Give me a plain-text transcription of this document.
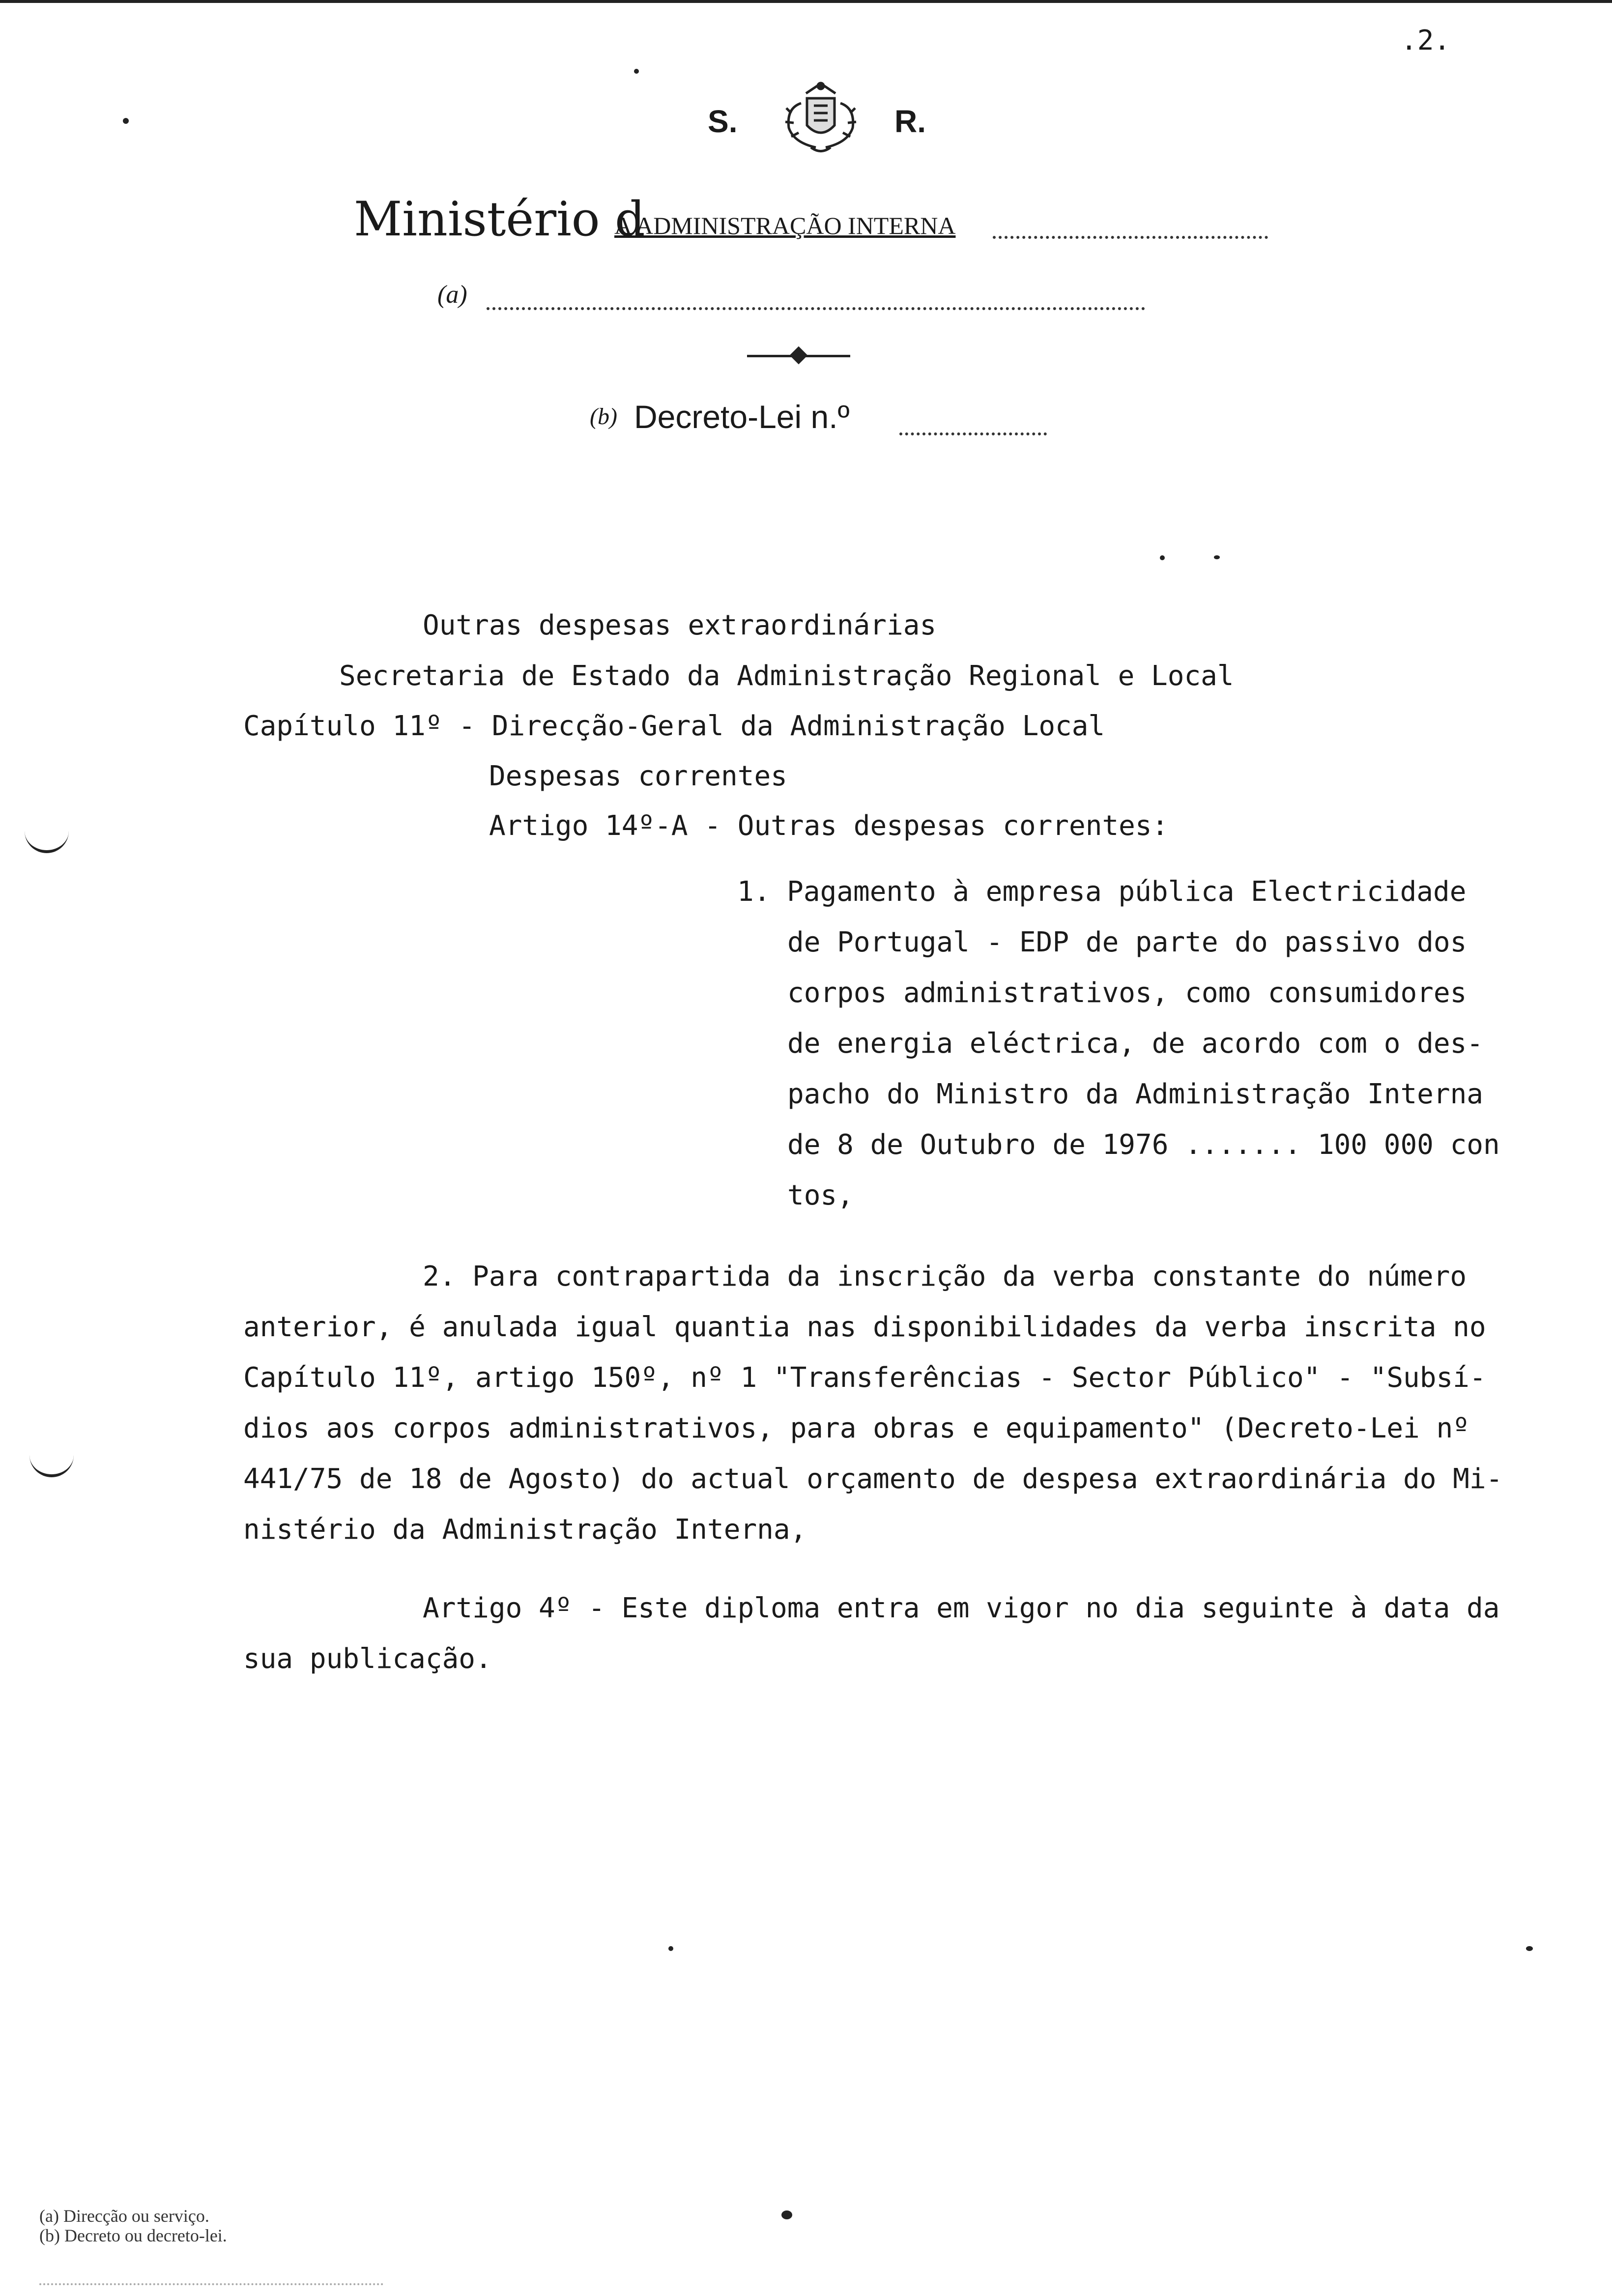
.2.
S.	R.
Ministério d
A ADMINISTRAÇÃO INTERNA
(a)
(b) Decreto-Lei n.º
Outras despesas extraordinárias
Secretaria de Estado da Administração Regional e Local
Capítulo 11º - Direcção-Geral da Administração Local
Despesas correntes
Artigo 14º-A - Outras despesas correntes:
1. Pagamento à empresa pública Electricidade
de Portugal - EDP de parte do passivo dos
corpos administrativos, como consumidores
de energia eléctrica, de acordo com o des-
pacho do Ministro da Administração Interna
de 8 de Outubro de 1976 ....... 100 000 con
tos,
2. Para contrapartida da inscrição da verba constante do número
anterior, é anulada igual quantia nas disponibilidades da verba inscrita no
Capítulo 11º, artigo 150º, nº 1 "Transferências - Sector Público" - "Subsí-
dios aos corpos administrativos, para obras e equipamento" (Decreto-Lei nº
441/75 de 18 de Agosto) do actual orçamento de despesa extraordinária do Mi-
nistério da Administração Interna,
Artigo 4º - Este diploma entra em vigor no dia seguinte à data da
sua publicação.
(a) Direcção ou serviço.
(b) Decreto ou decreto-lei.
